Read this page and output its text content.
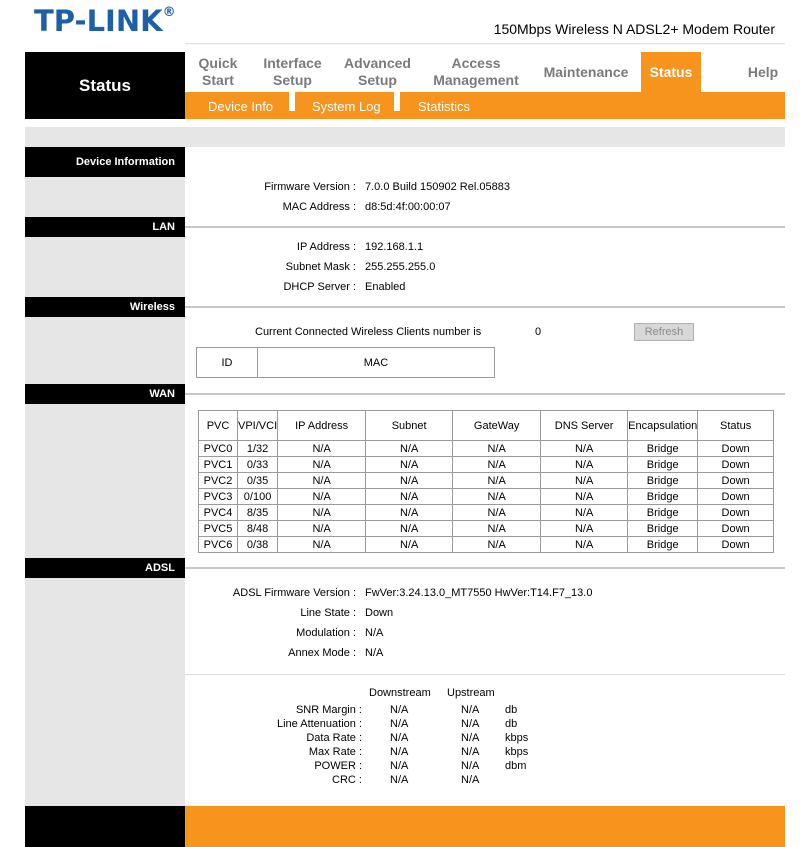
TP-LINK®
150Mbps Wireless N ADSL2+ Modem Router
Status
Quick
Start
Interface
Setup
Advanced
Setup
Access
Management
Maintenance Status	Help
Device Info	System Log	Statistics
Device Information
Firmware Version : 7.0.0 Build 150902 Rel.05883
MAC Address : d8:5d:4f:00:00:07
LAN
IP Address : 192.168.1.1
Subnet Mask : 255.255.255.0
DHCP Server : Enabled
Wireless
Current Connected Wireless Clients number is	0	Refresh
ID	MAC
WAN
PVC	VPI/VCI	IP Address	Subnet	GateWay	DNS Server	Encapsulation	Status
PVC0	1/32	N/A	N/A	N/A	N/A	Bridge	Down
PVC1	0/33	N/A	N/A	N/A	N/A	Bridge	Down
PVC2	0/35	N/A	N/A	N/A	N/A	Bridge	Down
PVC3	0/100	N/A	N/A	N/A	N/A	Bridge	Down
PVC4	8/35	N/A	N/A	N/A	N/A	Bridge	Down
PVC5	8/48	N/A	N/A	N/A	N/A	Bridge	Down
PVC6	0/38	N/A	N/A	N/A	N/A	Bridge	Down
ADSL
ADSL Firmware Version : FwVer:3.24.13.0_MT7550 HwVer:T14.F7_13.0
Line State : Down
Modulation : N/A
Annex Mode : N/A
Downstream Upstream
SNR Margin :	N/A	N/A db
Line Attenuation :	N/A	N/A db
Data Rate :	N/A	N/A kbps
Max Rate :	N/A	N/A kbps
POWER :	N/A	N/A dbm
CRC :	N/A	N/A
